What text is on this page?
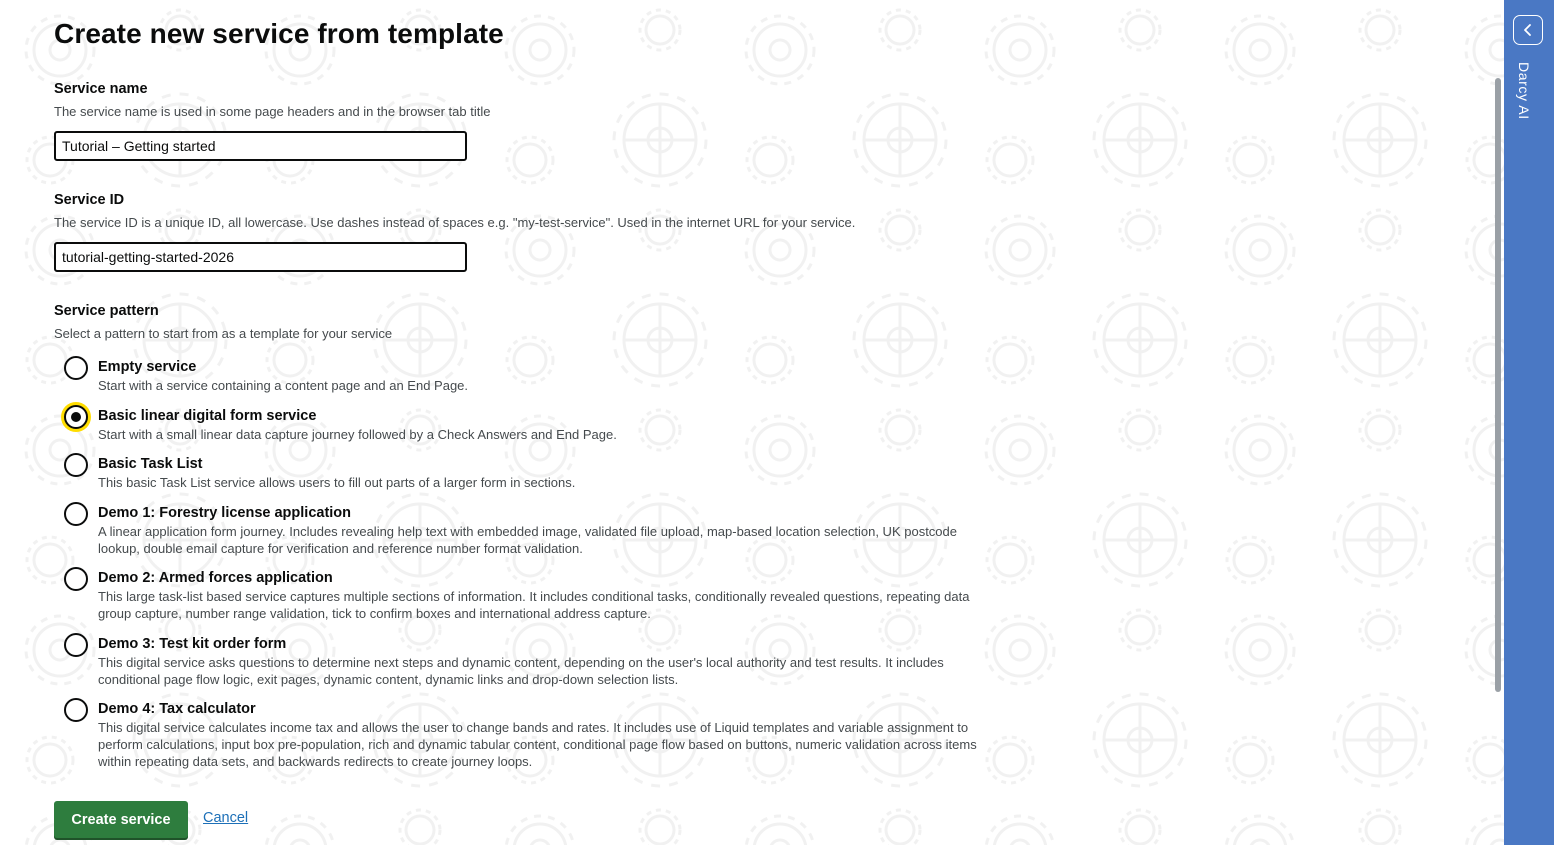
Create new service from template
Service name
The service name is used in some page headers and in the browser tab title
Tutorial – Getting started
Service ID
The service ID is a unique ID, all lowercase. Use dashes instead of spaces e.g. "my-test-service". Used in the internet URL for your service.
tutorial-getting-started-2026
Service pattern
Select a pattern to start from as a template for your service
Empty service
Start with a service containing a content page and an End Page.
Basic linear digital form service
Start with a small linear data capture journey followed by a Check Answers and End Page.
Basic Task List
This basic Task List service allows users to fill out parts of a larger form in sections.
Demo 1: Forestry license application
A linear application form journey. Includes revealing help text with embedded image, validated file upload, map-based location selection, UK postcode lookup, double email capture for verification and reference number format validation.
Demo 2: Armed forces application
This large task-list based service captures multiple sections of information. It includes conditional tasks, conditionally revealed questions, repeating data group capture, number range validation, tick to confirm boxes and international address capture.
Demo 3: Test kit order form
This digital service asks questions to determine next steps and dynamic content, depending on the user's local authority and test results. It includes conditional page flow logic, exit pages, dynamic content, dynamic links and drop-down selection lists.
Demo 4: Tax calculator
This digital service calculates income tax and allows the user to change bands and rates. It includes use of Liquid templates and variable assignment to perform calculations, input box pre-population, rich and dynamic tabular content, conditional page flow based on buttons, numeric validation across items within repeating data sets, and backwards redirects to create journey loops.
Create service	Cancel
Darcy AI
